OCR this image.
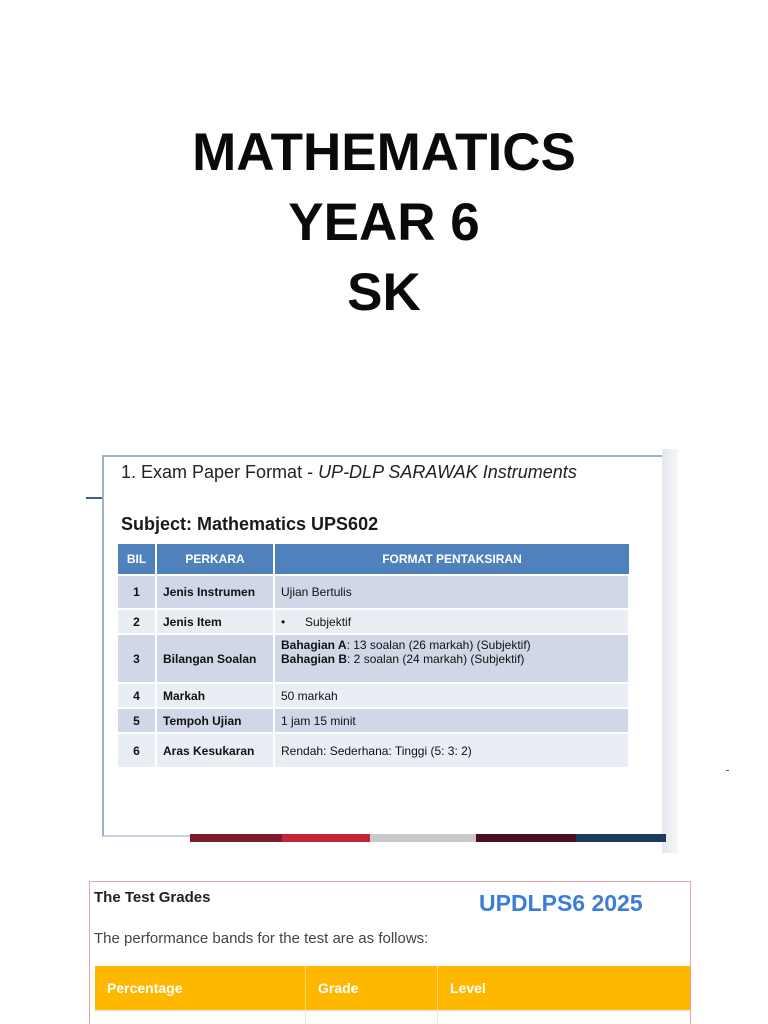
MATHEMATICS
YEAR 6
SK
1. Exam Paper Format - UP-DLP SARAWAK Instruments
Subject: Mathematics UPS602
BIL	PERKARA	FORMAT PENTAKSIRAN
1	Jenis Instrumen	Ujian Bertulis
2	Jenis Item	• Subjektif
3	Bilangan Soalan	Bahagian A: 13 soalan (26 markah) (Subjektif)
Bahagian B: 2 soalan (24 markah) (Subjektif)

4	Markah	50 markah
5	Tempoh Ujian	1 jam 15 minit
6	Aras Kesukaran	Rendah: Sederhana: Tinggi (5: 3: 2)
The Test Grades	UPDLPS6 2025
The performance bands for the test are as follows:
Percentage	Grade	Level
